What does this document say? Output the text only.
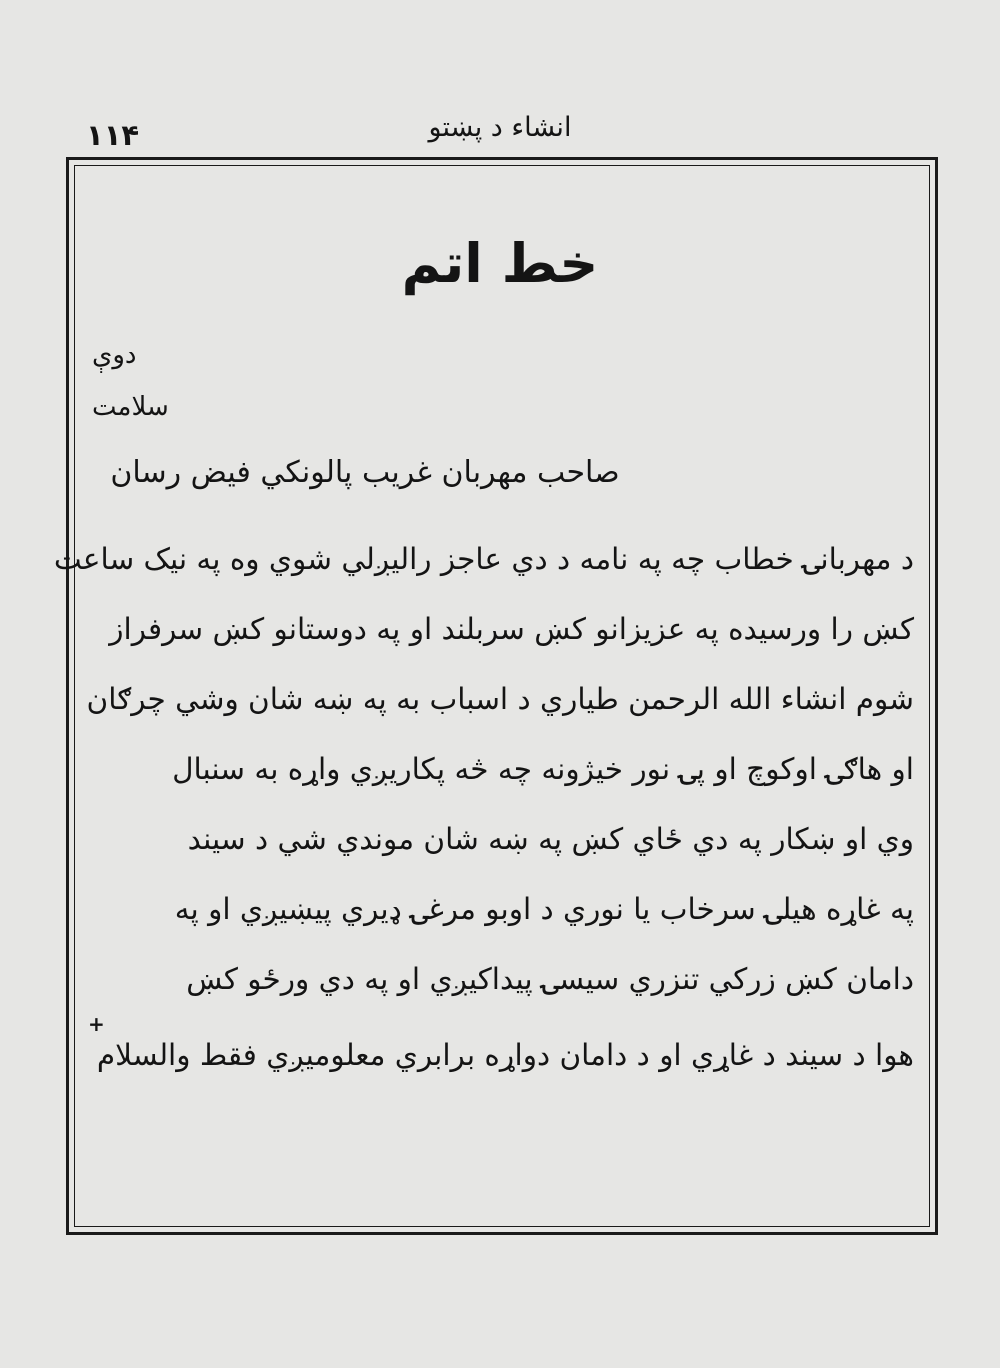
انشاء د پښتو
۱۱۴
خط اتم
دوې
سلامت
صاحب مهربان غریب پالونکي فیض رسان
د مهربانۍ خطاب چه په نامه د دي عاجز رالیږلي شوي وه په نیک ساعت
کښ را ورسیده په عزیزانو کښ سربلند او په دوستانو کښ سرفراز
شوم انشاء الله الرحمن طیاري د اسباب به په ښه شان وشي چرګان
او هاګۍ اوکوچ او پۍ نور خیژونه چه څه پکاریږي واړه به سنبال
وي او ښکار په دي ځاي کښ په ښه شان موندي شي د سیند
په غاړه هیلۍ سرخاب یا نوري د اوبو مرغۍ ډیري پیښیږي او په
دامان کښ زرکي تنزري سیسۍ پیداکیږي او په دي ورځو کښ
هوا د سیند د غاړي او د دامان دواړه برابري معلومیږي فقط والسلام
+
